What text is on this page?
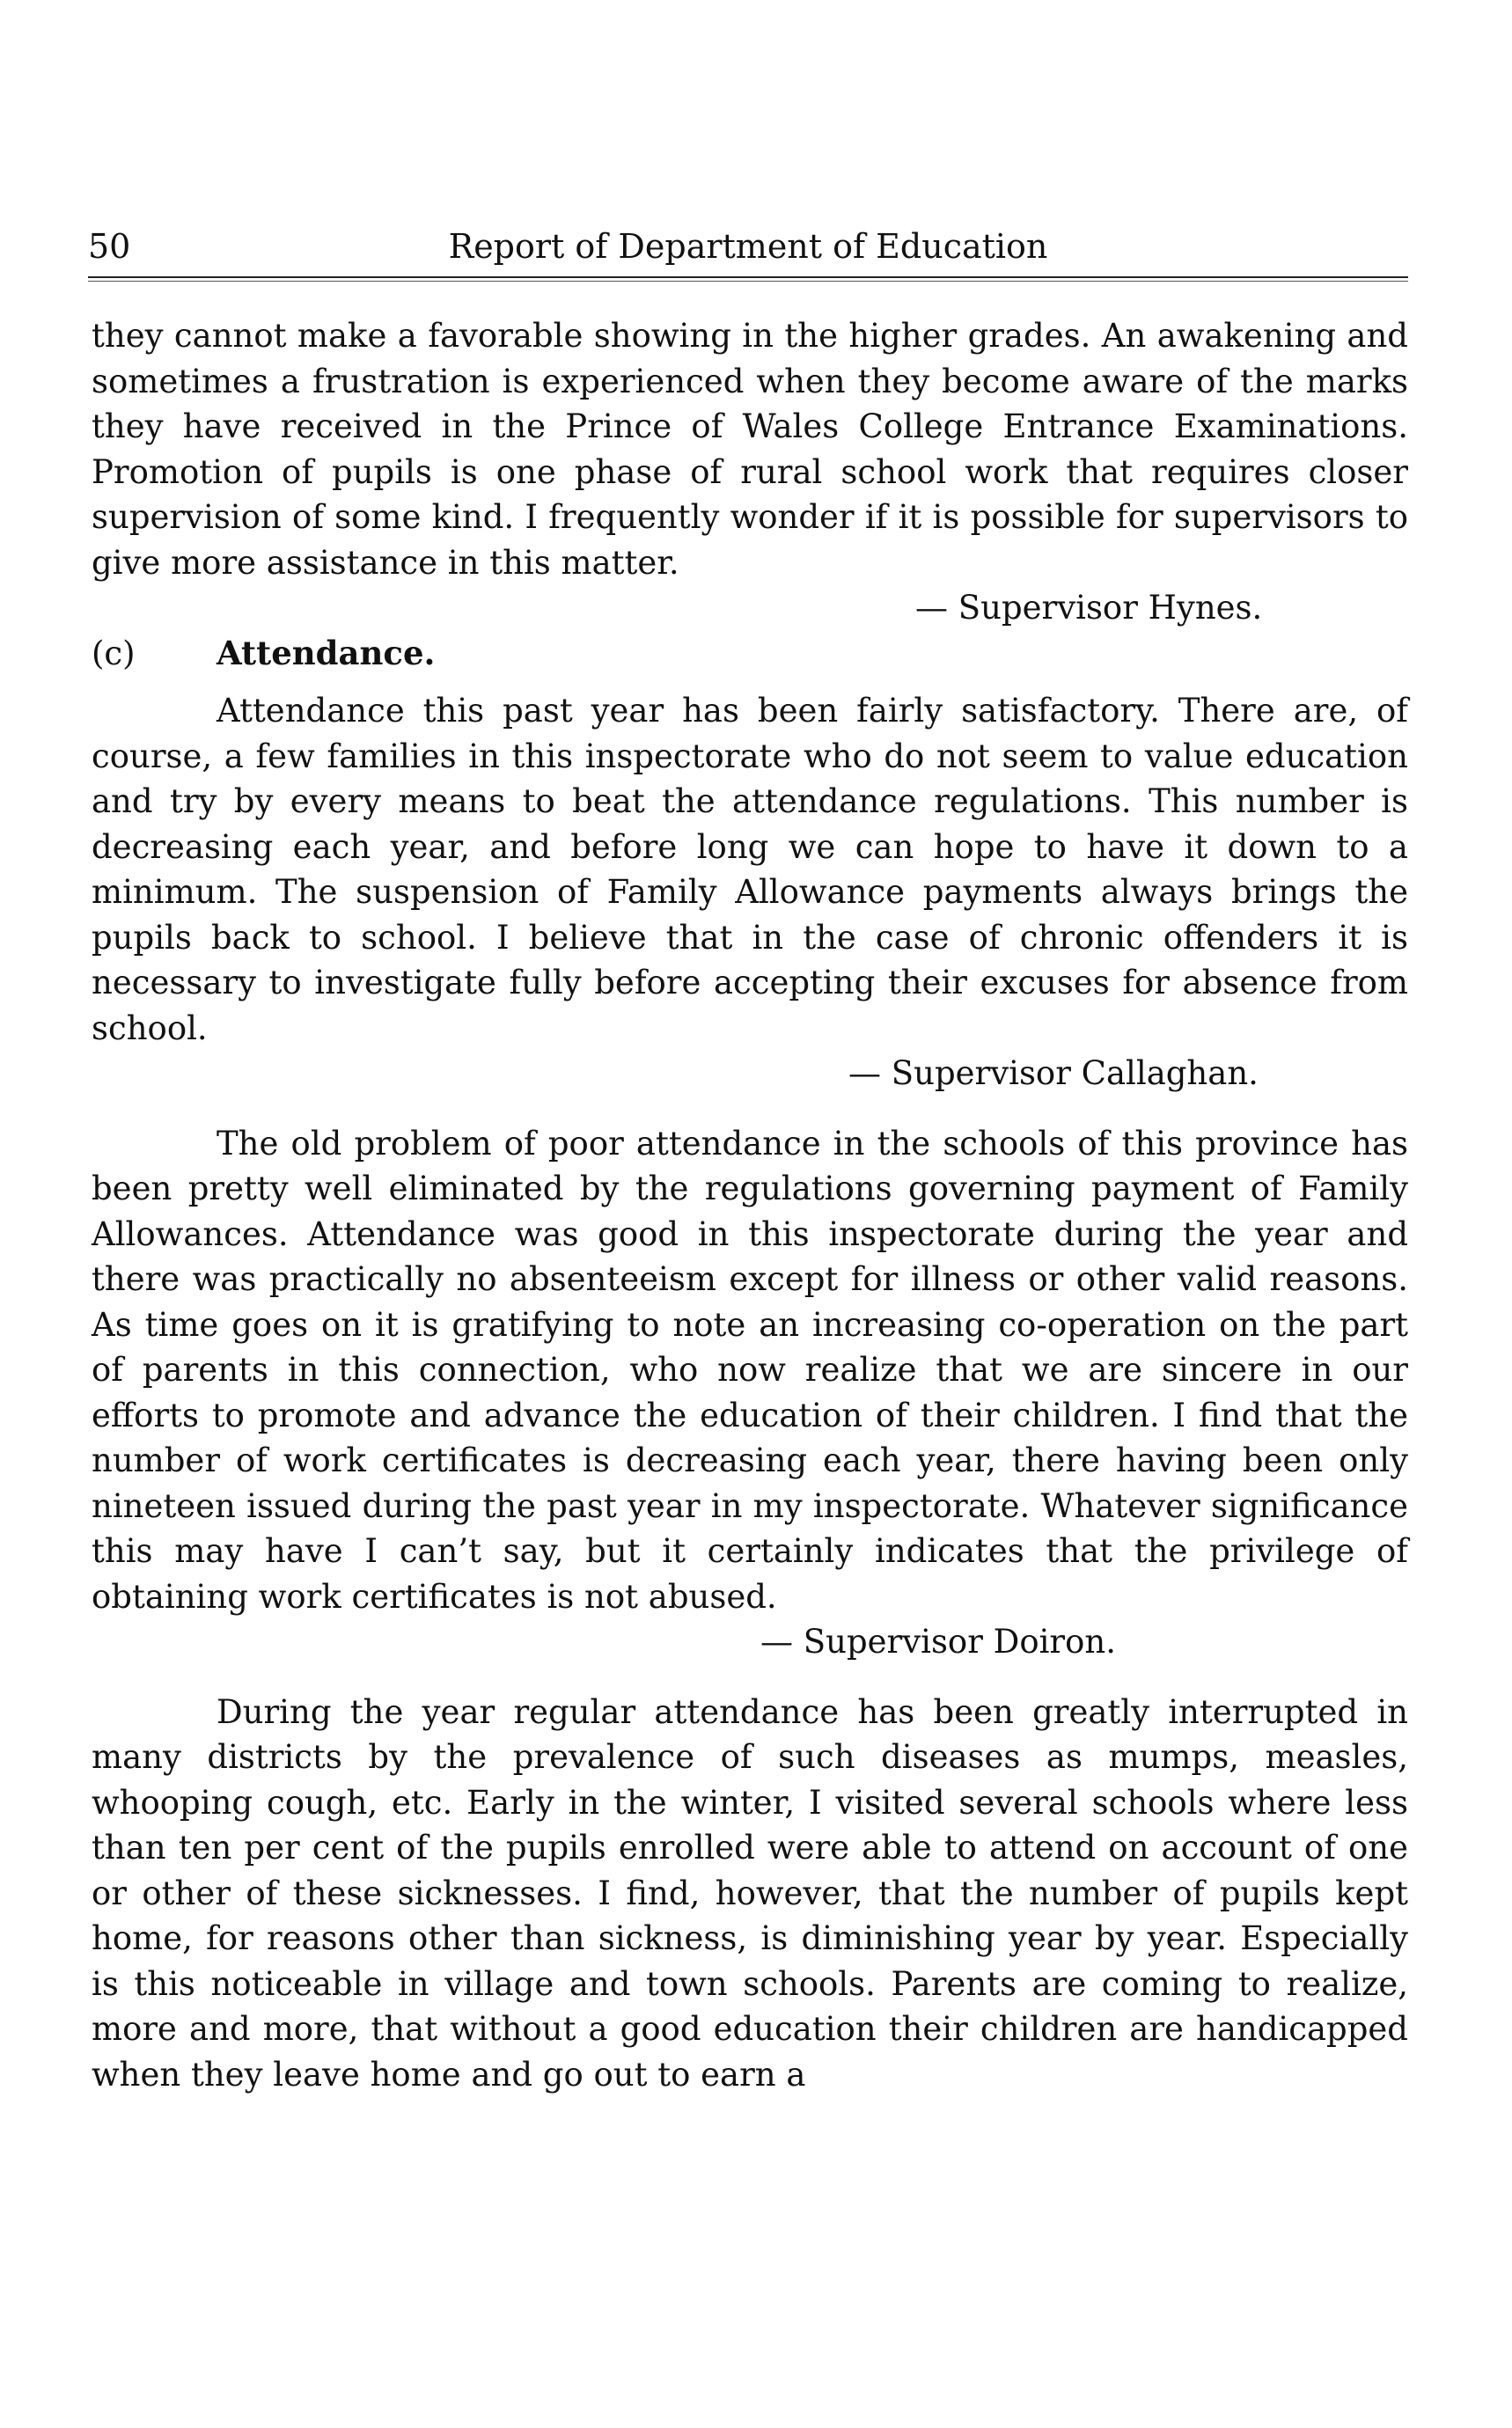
50	Report of Department of Education

they cannot make a favorable showing in the higher grades. An awakening and sometimes a frustration is experienced when they become aware of the marks they have received in the Prince of Wales College Entrance Examinations. Promotion of pupils is one phase of rural school work that requires closer supervision of some kind. I frequently wonder if it is possible for supervisors to give more assistance in this matter.

— Supervisor Hynes.

(c) Attendance.

Attendance this past year has been fairly satisfactory. There are, of course, a few families in this inspectorate who do not seem to value education and try by every means to beat the attendance regulations. This number is decreasing each year, and before long we can hope to have it down to a minimum. The suspension of Family Allowance payments always brings the pupils back to school. I believe that in the case of chronic offenders it is necessary to investigate fully before accepting their excuses for absence from school.

— Supervisor Callaghan.

The old problem of poor attendance in the schools of this province has been pretty well eliminated by the regulations governing payment of Family Allowances. Attendance was good in this inspectorate during the year and there was practically no absenteeism except for illness or other valid reasons. As time goes on it is gratifying to note an increasing co-operation on the part of parents in this connection, who now realize that we are sincere in our efforts to promote and advance the education of their children. I find that the number of work certificates is decreasing each year, there having been only nineteen issued during the past year in my inspectorate. Whatever significance this may have I can’t say, but it certainly indicates that the privilege of obtaining work certificates is not abused.

— Supervisor Doiron.

During the year regular attendance has been greatly interrupted in many districts by the prevalence of such diseases as mumps, measles, whooping cough, etc. Early in the winter, I visited several schools where less than ten per cent of the pupils enrolled were able to attend on account of one or other of these sicknesses. I find, however, that the number of pupils kept home, for reasons other than sickness, is diminishing year by year. Especially is this noticeable in village and town schools. Parents are coming to realize, more and more, that without a good education their children are handicapped when they leave home and go out to earn a
